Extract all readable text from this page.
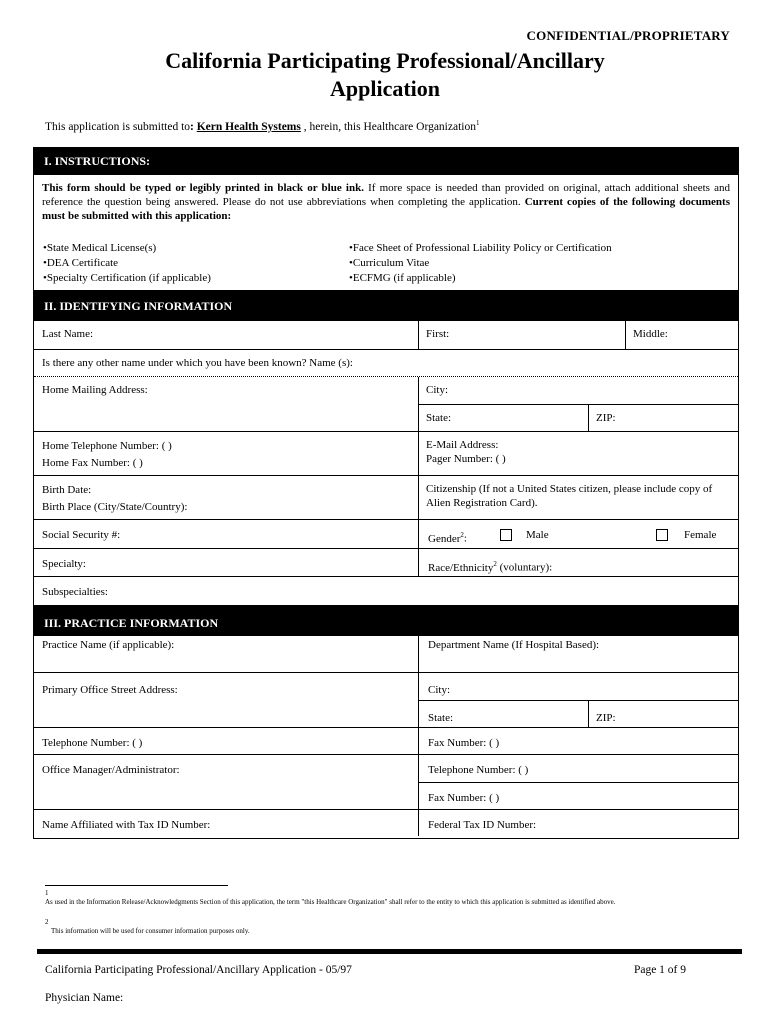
CONFIDENTIAL/PROPRIETARY
California Participating Professional/Ancillary
Application
This application is submitted to: Kern Health Systems , herein, this Healthcare Organization$^1$
I. INSTRUCTIONS:
This form should be typed or legibly printed in black or blue ink. If more space is needed than provided on original, attach additional sheets and reference the question being answered. Please do not use abbreviations when completing the application. Current copies of the following documents must be submitted with this application:
•State Medical License(s)
•DEA Certificate
•Specialty Certification (if applicable)
•Face Sheet of Professional Liability Policy or Certification
•Curriculum Vitae
•ECFMG (if applicable)
II. IDENTIFYING INFORMATION
Last Name:	First:	Middle:
Is there any other name under which you have been known? Name (s):
Home Mailing Address:	City:
State:	ZIP:
Home Telephone Number: ( )
Home Fax Number: ( )
E-Mail Address:
Pager Number: ( )
Birth Date:
Birth Place (City/State/Country):
Citizenship (If not a United States citizen, please include copy of Alien Registration Card).
Social Security #:	Gender$^2$:	Male	Female
Specialty:	Race/Ethnicity$^2$ (voluntary):
Subspecialties:
III. PRACTICE INFORMATION
Practice Name (if applicable):	Department Name (If Hospital Based):
Primary Office Street Address:	City:
State:	ZIP:
Telephone Number: ( )	Fax Number: ( )
Office Manager/Administrator:	Telephone Number: ( )
Fax Number: ( )
Name Affiliated with Tax ID Number:	Federal Tax ID Number:
$^1$
As used in the Information Release/Acknowledgments Section of this application, the term "this Healthcare Organization" shall refer to the entity to which this application is submitted as identified above.
$^2$
This information will be used for consumer information purposes only.
California Participating Professional/Ancillary Application - 05/97	Page 1 of 9
Physician Name:
